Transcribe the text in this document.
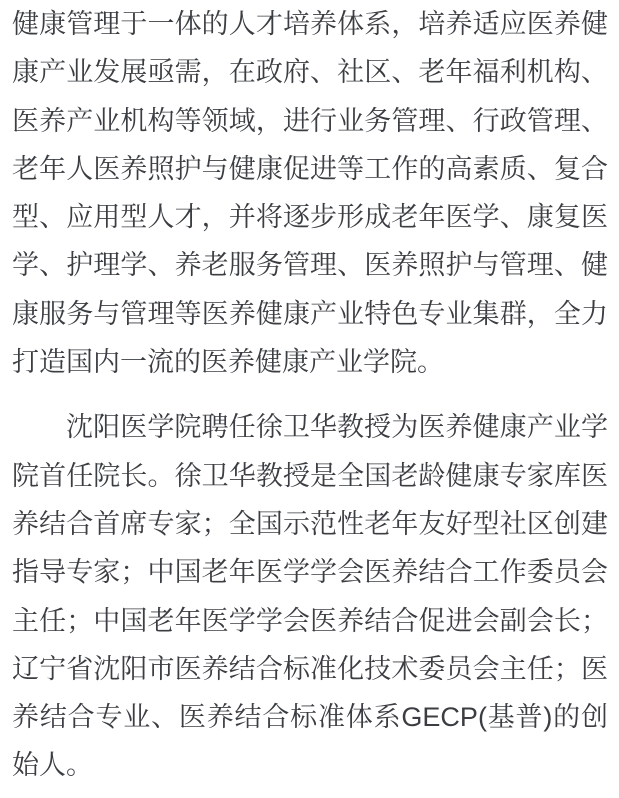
健康管理于一体的人才培养体系，培养适应医养健康产业发展亟需，在政府、社区、老年福利机构、医养产业机构等领域，进行业务管理、行政管理、老年人医养照护与健康促进等工作的高素质、复合型、应用型人才，并将逐步形成老年医学、康复医学、护理学、养老服务管理、医养照护与管理、健康服务与管理等医养健康产业特色专业集群，全力打造国内一流的医养健康产业学院。

沈阳医学院聘任徐卫华教授为医养健康产业学院首任院长。徐卫华教授是全国老龄健康专家库医养结合首席专家；全国示范性老年友好型社区创建指导专家；中国老年医学学会医养结合工作委员会主任；中国老年医学学会医养结合促进会副会长；辽宁省沈阳市医养结合标准化技术委员会主任；医养结合专业、医养结合标准体系GECP(基普)的创始人。
